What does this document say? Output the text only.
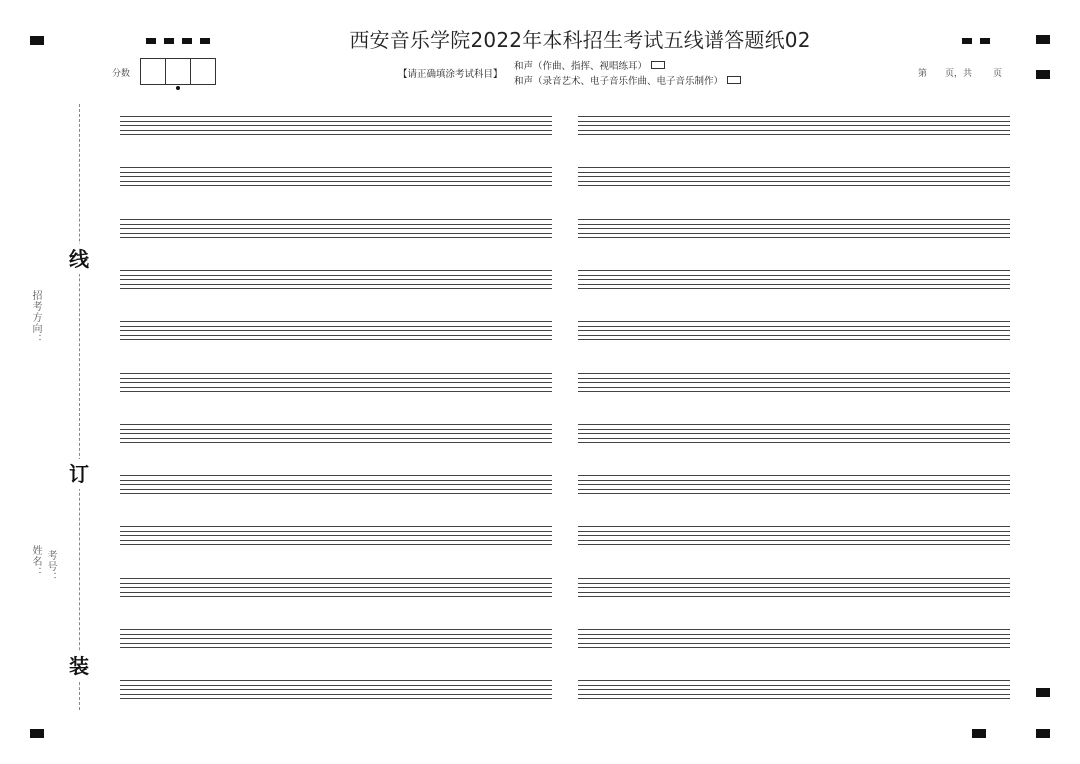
西安音乐学院2022年本科招生考试五线谱答题纸02
分数	【请正确填涂考试科目】
和声（作曲、指挥、视唱练耳）
和声（录音艺术、电子音乐作曲、电子音乐制作）
第 页，共 页
线
订
装
招考方向：
姓名： 考号：
